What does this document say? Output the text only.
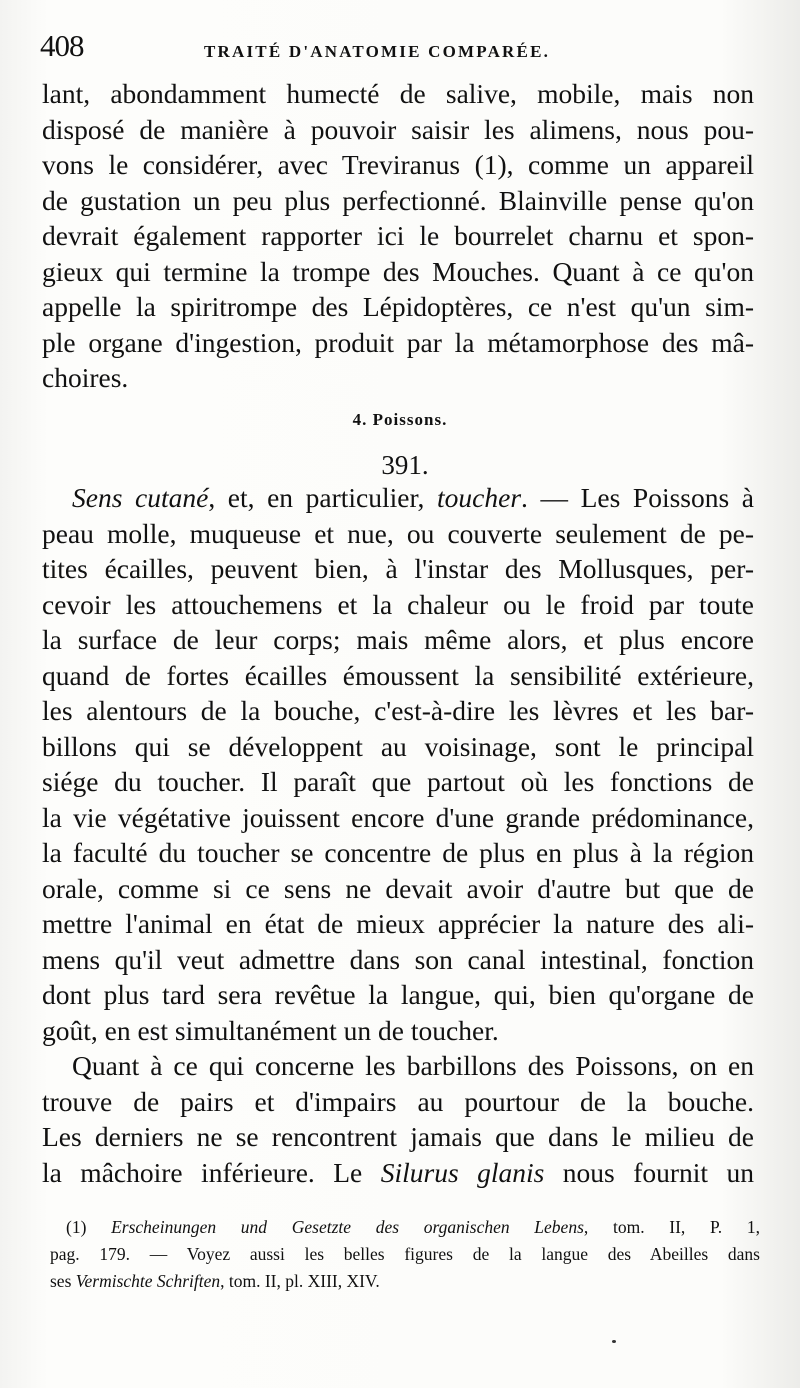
408	TRAITÉ D'ANATOMIE COMPARÉE.
lant, abondamment humecté de salive, mobile, mais non
disposé de manière à pouvoir saisir les alimens, nous pou-
vons le considérer, avec Treviranus (1), comme un appareil
de gustation un peu plus perfectionné. Blainville pense qu'on
devrait également rapporter ici le bourrelet charnu et spon-
gieux qui termine la trompe des Mouches. Quant à ce qu'on
appelle la spiritrompe des Lépidoptères, ce n'est qu'un sim-
ple organe d'ingestion, produit par la métamorphose des mâ-
choires.
4. Poissons.
391.
Sens cutané, et, en particulier, toucher. — Les Poissons à
peau molle, muqueuse et nue, ou couverte seulement de pe-
tites écailles, peuvent bien, à l'instar des Mollusques, per-
cevoir les attouchemens et la chaleur ou le froid par toute
la surface de leur corps; mais même alors, et plus encore
quand de fortes écailles émoussent la sensibilité extérieure,
les alentours de la bouche, c'est-à-dire les lèvres et les bar-
billons qui se développent au voisinage, sont le principal
siége du toucher. Il paraît que partout où les fonctions de
la vie végétative jouissent encore d'une grande prédominance,
la faculté du toucher se concentre de plus en plus à la région
orale, comme si ce sens ne devait avoir d'autre but que de
mettre l'animal en état de mieux apprécier la nature des ali-
mens qu'il veut admettre dans son canal intestinal, fonction
dont plus tard sera revêtue la langue, qui, bien qu'organe de
goût, en est simultanément un de toucher.
Quant à ce qui concerne les barbillons des Poissons, on en
trouve de pairs et d'impairs au pourtour de la bouche.
Les derniers ne se rencontrent jamais que dans le milieu de
la mâchoire inférieure. Le Silurus glanis nous fournit un
(1) Erscheinungen und Gesetzte des organischen Lebens, tom. II, P. 1,
pag. 179. — Voyez aussi les belles figures de la langue des Abeilles dans
ses Vermischte Schriften, tom. II, pl. XIII, XIV.
